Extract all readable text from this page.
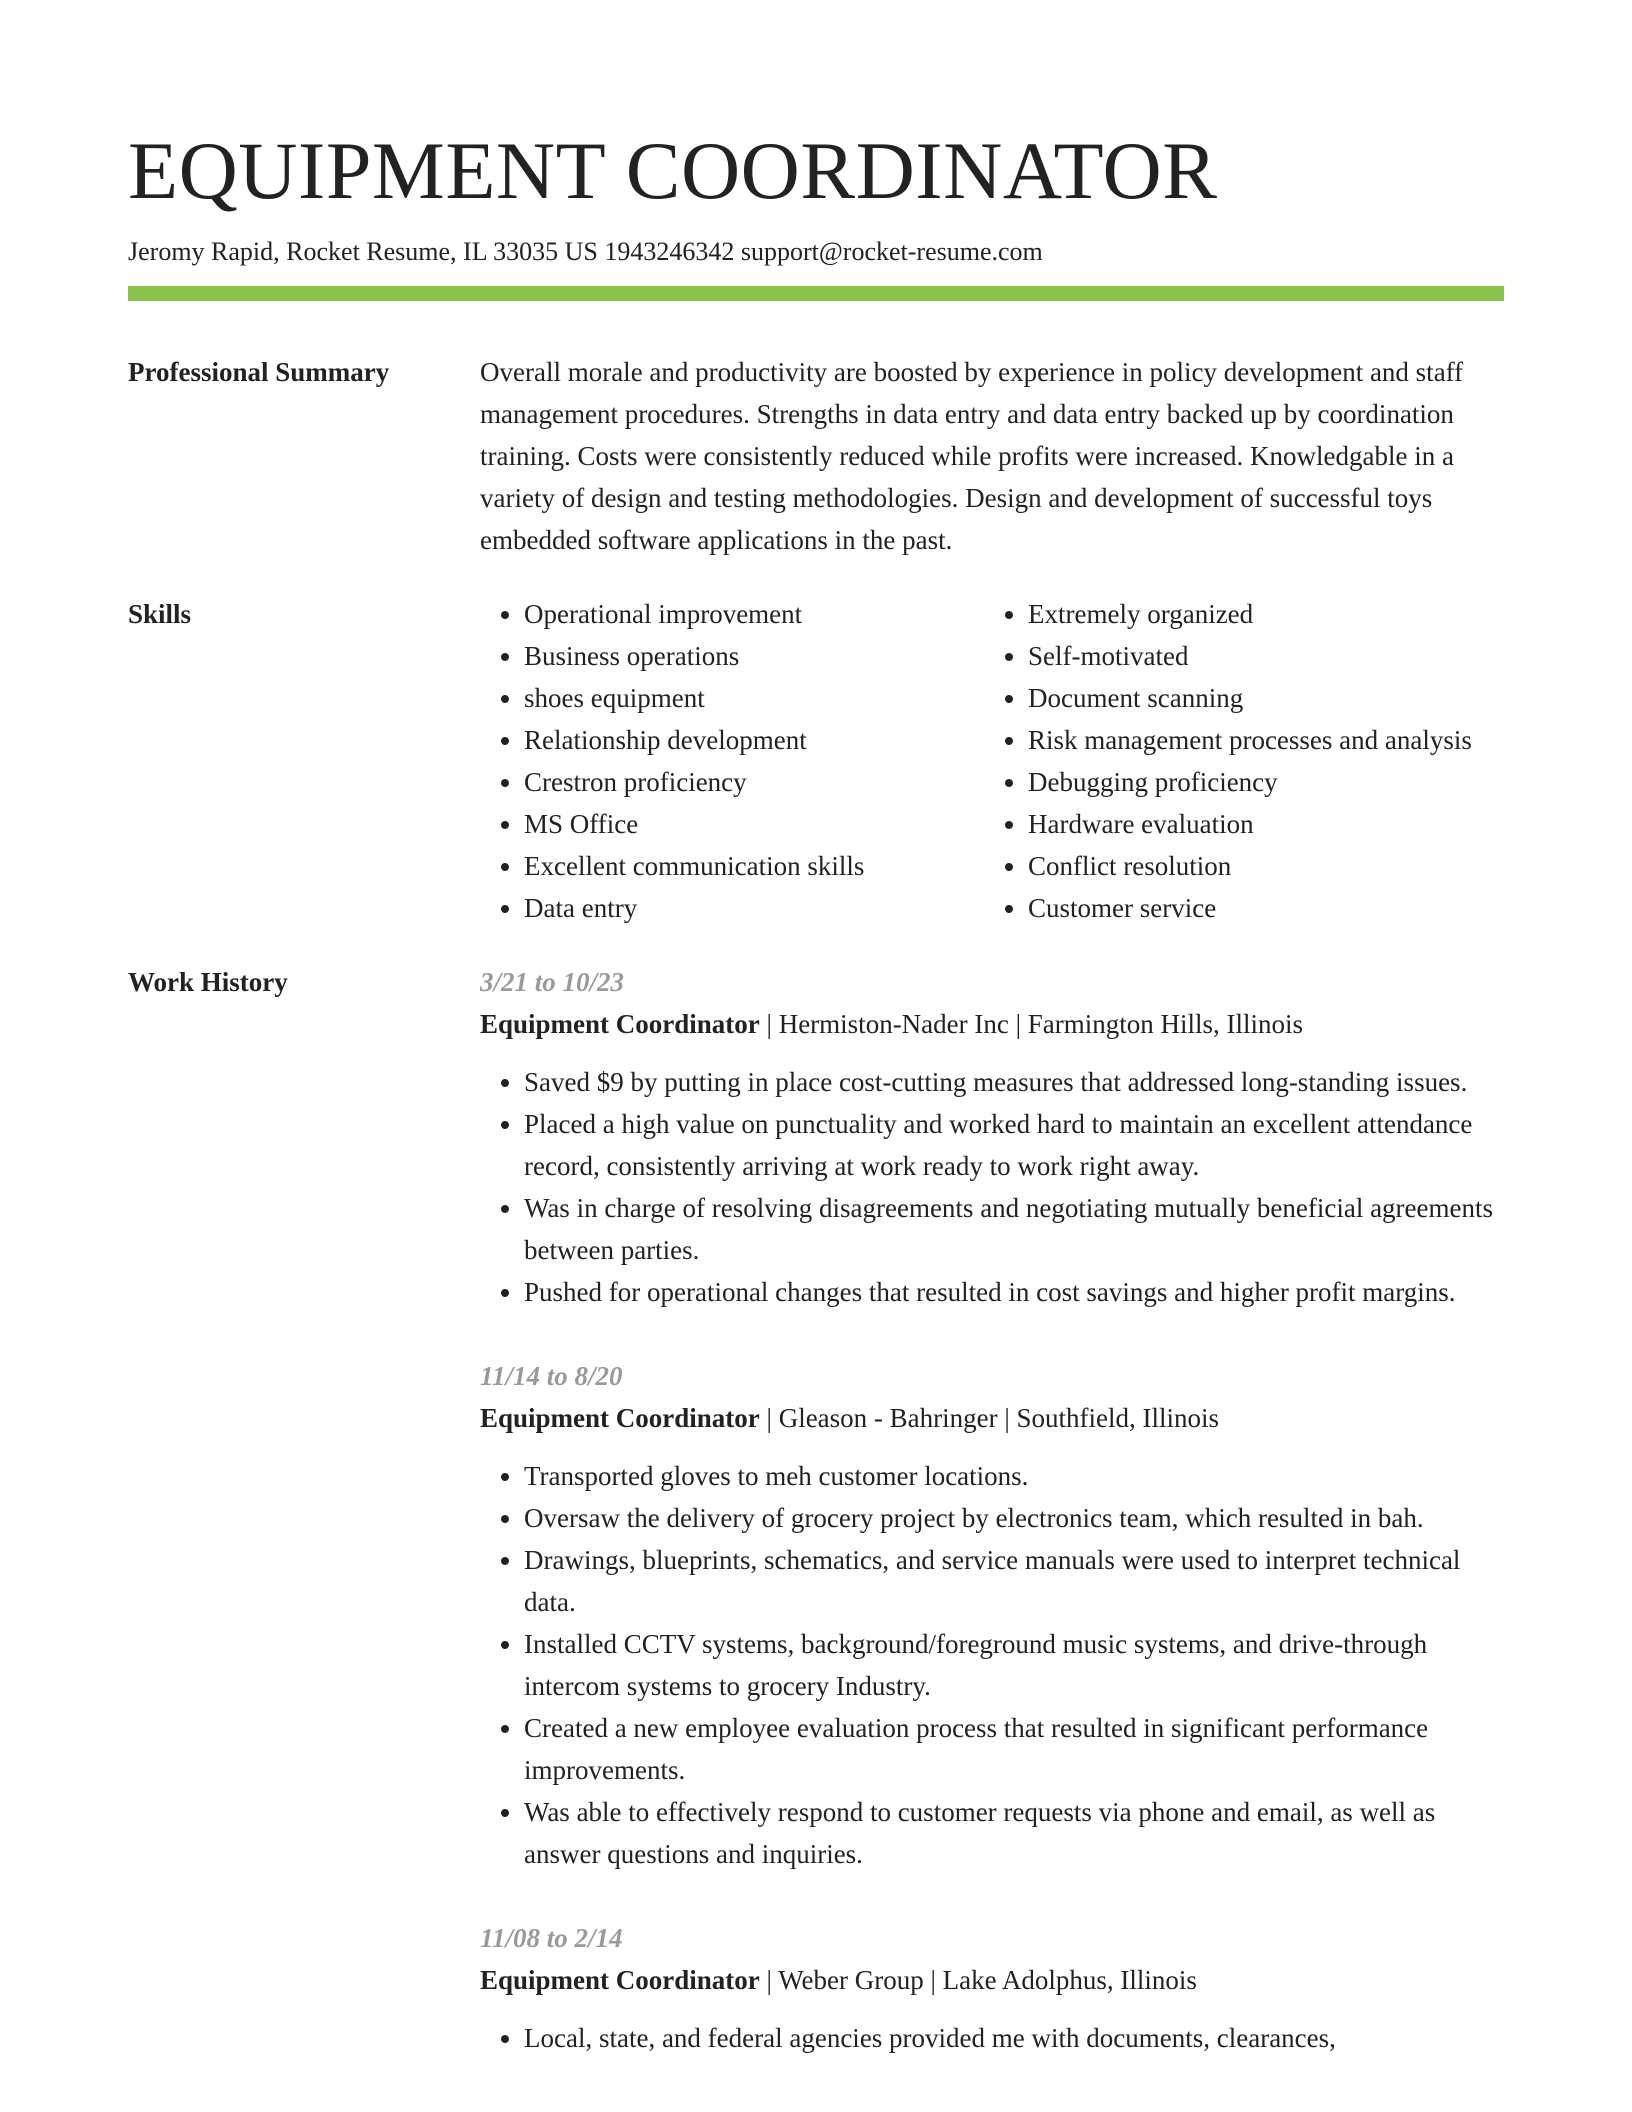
EQUIPMENT COORDINATOR
Jeromy Rapid, Rocket Resume, IL 33035 US 1943246342 support@rocket-resume.com
Professional Summary	Overall morale and productivity are boosted by experience in policy development and staff management procedures. Strengths in data entry and data entry backed up by coordination training. Costs were consistently reduced while profits were increased. Knowledgable in a variety of design and testing methodologies. Design and development of successful toys embedded software applications in the past.

Skills
•	Operational improvement
• Business operations
• shoes equipment
• Relationship development
• Crestron proficiency
• MS Office
• Excellent communication skills
• Data entry
• Extremely organized
• Self-motivated
• Document scanning
• Risk management processes and analysis
• Debugging proficiency
• Hardware evaluation
• Conflict resolution
• Customer service
Work History	3/21 to 10/23
Equipment Coordinator | Hermiston-Nader Inc | Farmington Hills, Illinois
• Saved $9 by putting in place cost-cutting measures that addressed long-standing issues.
• Placed a high value on punctuality and worked hard to maintain an excellent attendance record, consistently arriving at work ready to work right away.
• Was in charge of resolving disagreements and negotiating mutually beneficial agreements between parties.
• Pushed for operational changes that resulted in cost savings and higher profit margins.
11/14 to 8/20
Equipment Coordinator | Gleason - Bahringer | Southfield, Illinois
• Transported gloves to meh customer locations.
• Oversaw the delivery of grocery project by electronics team, which resulted in bah.
• Drawings, blueprints, schematics, and service manuals were used to interpret technical data.
• Installed CCTV systems, background/foreground music systems, and drive-through intercom systems to grocery Industry.
• Created a new employee evaluation process that resulted in significant performance improvements.
• Was able to effectively respond to customer requests via phone and email, as well as answer questions and inquiries.
11/08 to 2/14
Equipment Coordinator | Weber Group | Lake Adolphus, Illinois
• Local, state, and federal agencies provided me with documents, clearances,
